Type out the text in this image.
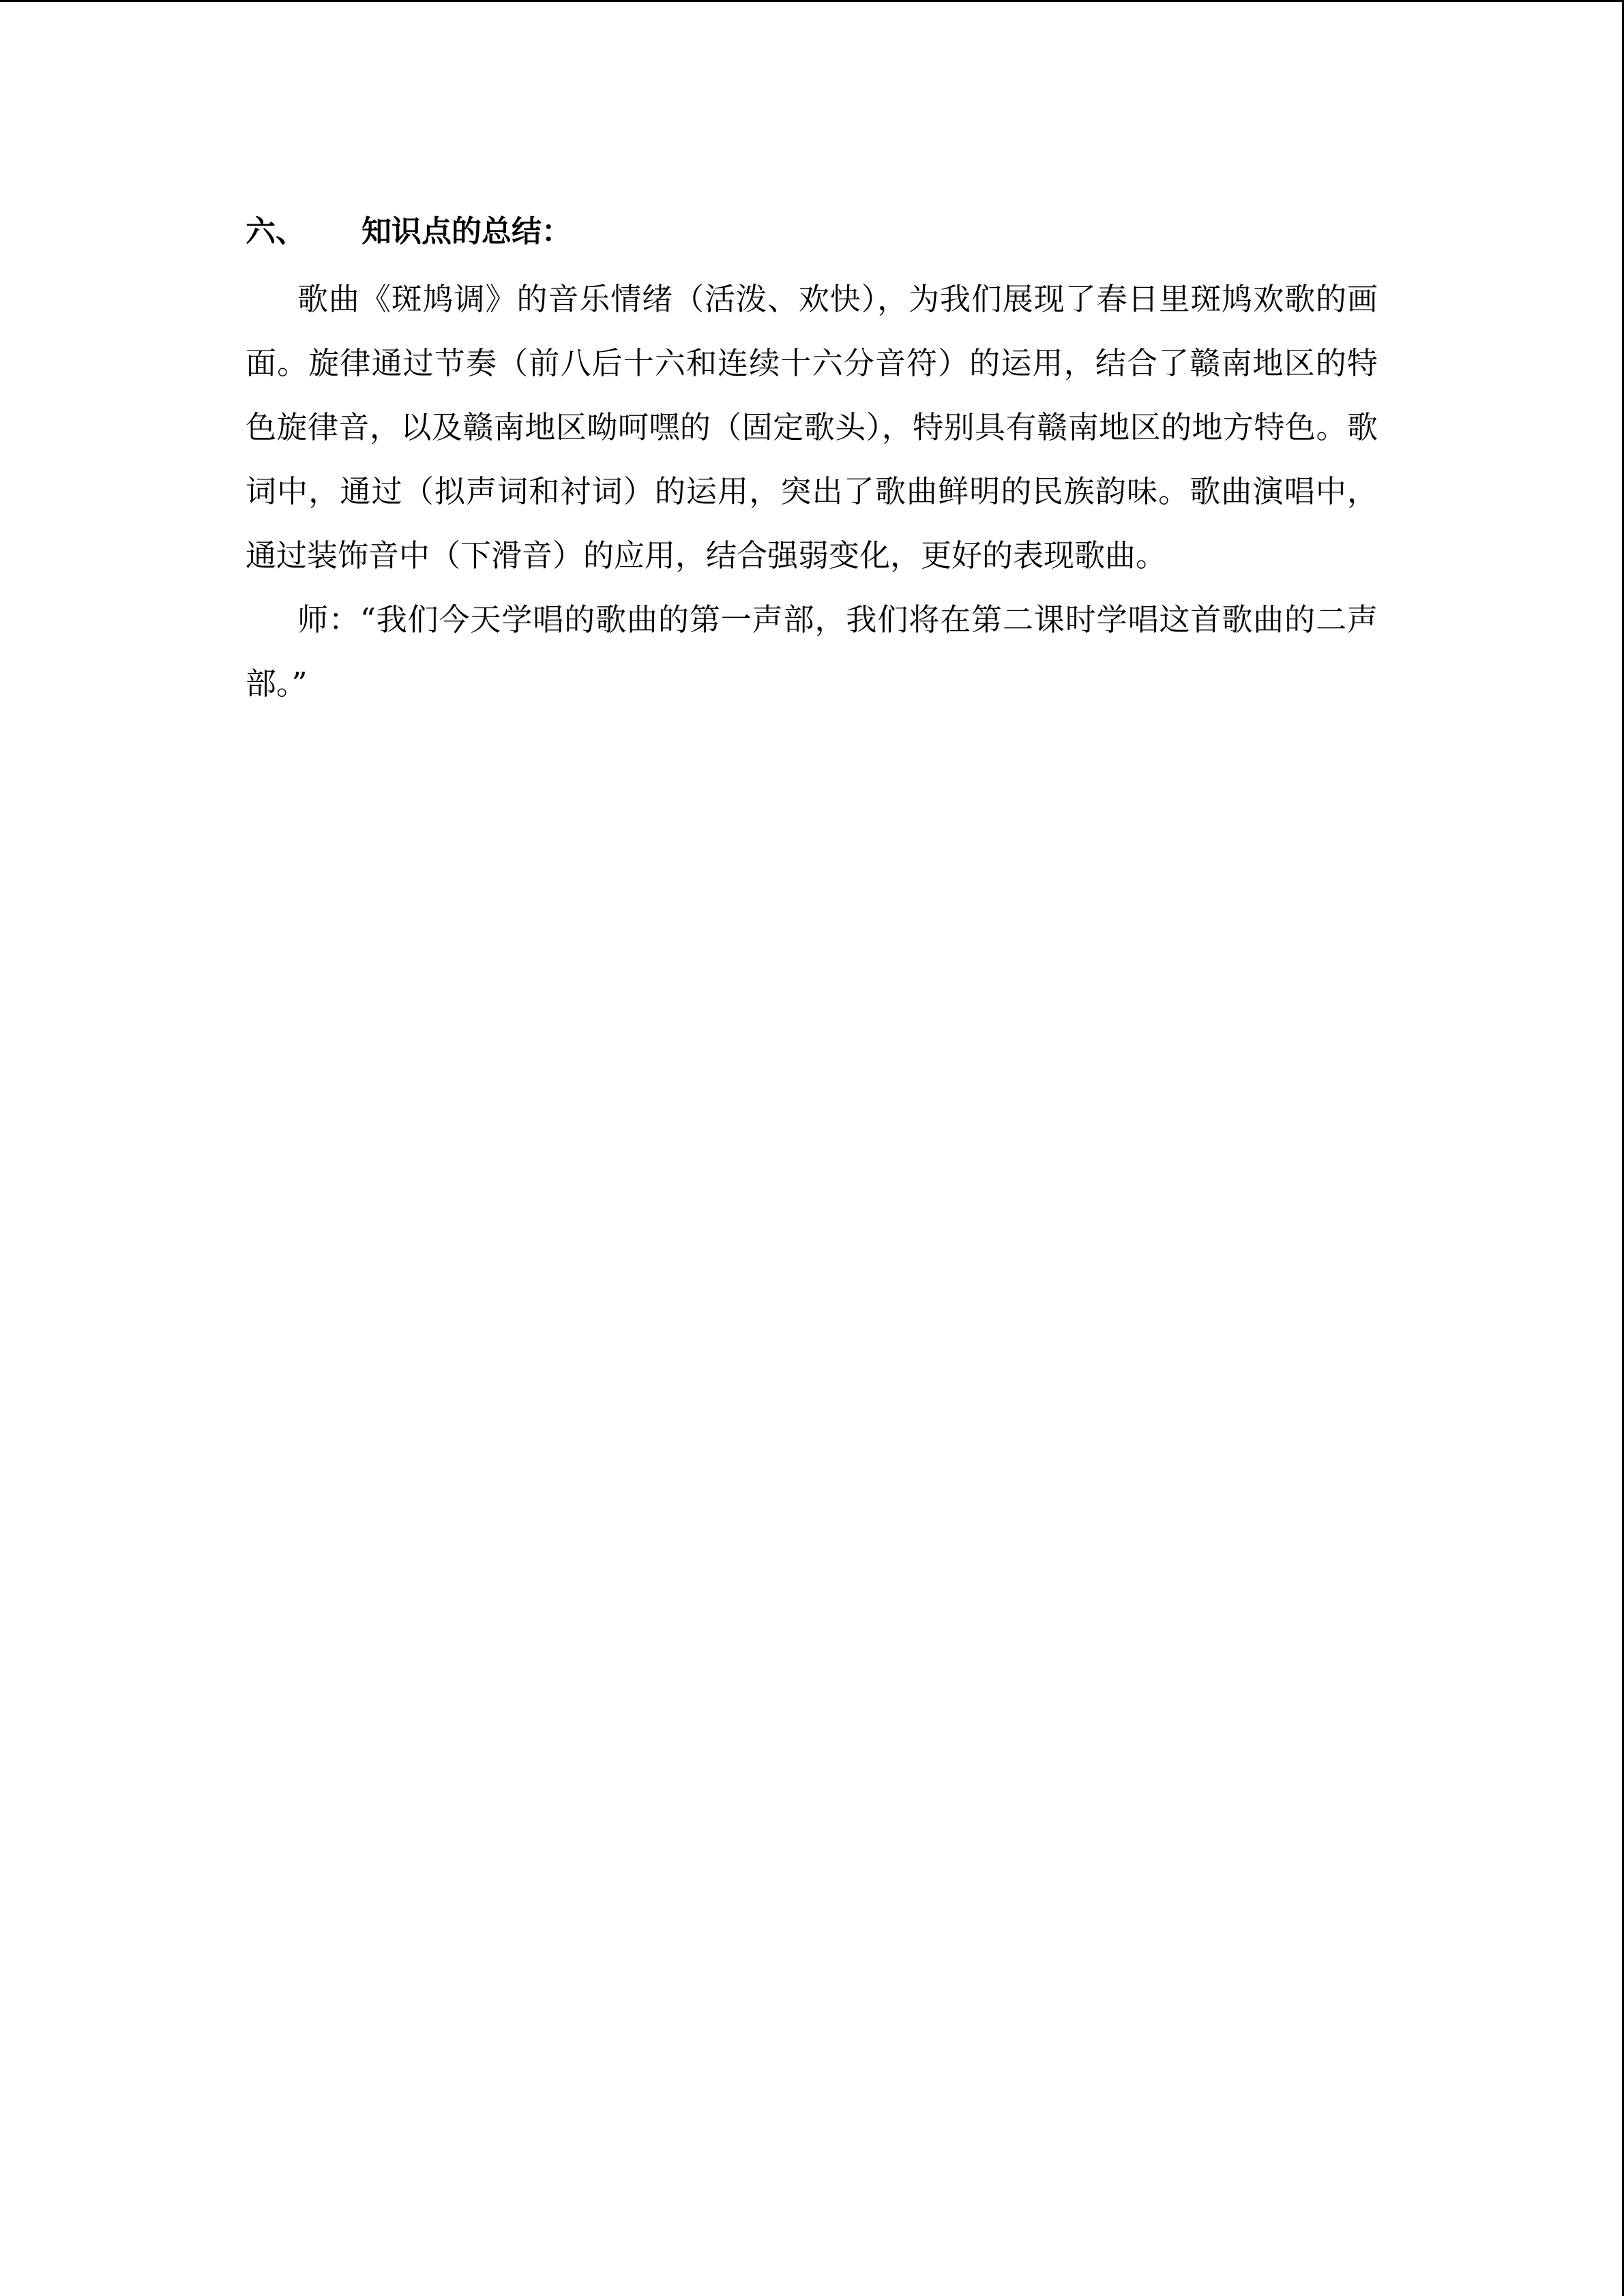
六、	知识点的总结：

歌曲《斑鸠调》的音乐情绪（活泼、欢快），为我们展现了春日里斑鸠欢歌的画面。旋律通过节奏（前八后十六和连续十六分音符）的运用，结合了赣南地区的特色旋律音，以及赣南地区呦呵嘿的（固定歌头），特别具有赣南地区的地方特色。歌词中，通过（拟声词和衬词）的运用，突出了歌曲鲜明的民族韵味。歌曲演唱中，通过装饰音中（下滑音）的应用，结合强弱变化，更好的表现歌曲。

师：“我们今天学唱的歌曲的第一声部，我们将在第二课时学唱这首歌曲的二声部。”
